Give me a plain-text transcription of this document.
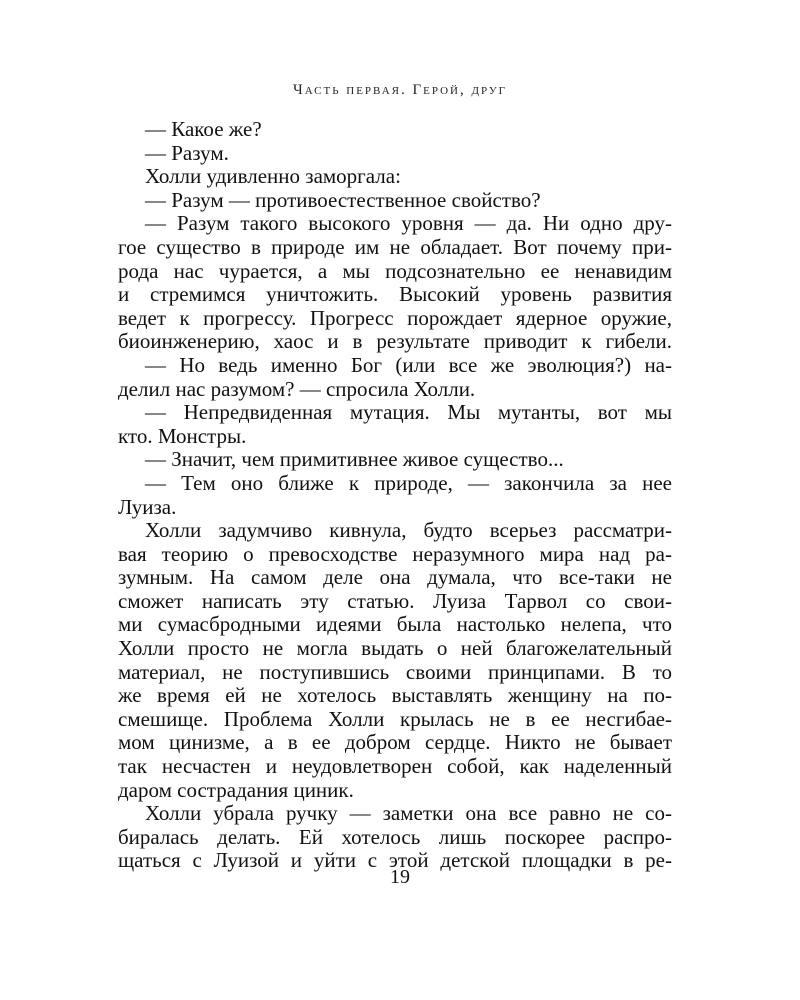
Часть первая. Герой, друг
— Какое же?
— Разум.
Холли удивленно заморгала:
— Разум — противоестественное свойство?
— Разум такого высокого уровня — да. Ни одно дру-
гое существо в природе им не обладает. Вот почему при-
рода нас чурается, а мы подсознательно ее ненавидим
и стремимся уничтожить. Высокий уровень развития
ведет к прогрессу. Прогресс порождает ядерное оружие,
биоинженерию, хаос и в результате приводит к гибели.
— Но ведь именно Бог (или все же эволюция?) на-
делил нас разумом? — спросила Холли.
— Непредвиденная мутация. Мы мутанты, вот мы
кто. Монстры.
— Значит, чем примитивнее живое существо...
— Тем оно ближе к природе, — закончила за нее
Луиза.
Холли задумчиво кивнула, будто всерьез рассматри-
вая теорию о превосходстве неразумного мира над ра-
зумным. На самом деле она думала, что все-таки не
сможет написать эту статью. Луиза Тарвол со свои-
ми сумасбродными идеями была настолько нелепа, что
Холли просто не могла выдать о ней благожелательный
материал, не поступившись своими принципами. В то
же время ей не хотелось выставлять женщину на по-
смешище. Проблема Холли крылась не в ее несгибае-
мом цинизме, а в ее добром сердце. Никто не бывает
так несчастен и неудовлетворен собой, как наделенный
даром сострадания циник.
Холли убрала ручку — заметки она все равно не со-
биралась делать. Ей хотелось лишь поскорее распро-
щаться с Луизой и уйти с этой детской площадки в ре-
19
